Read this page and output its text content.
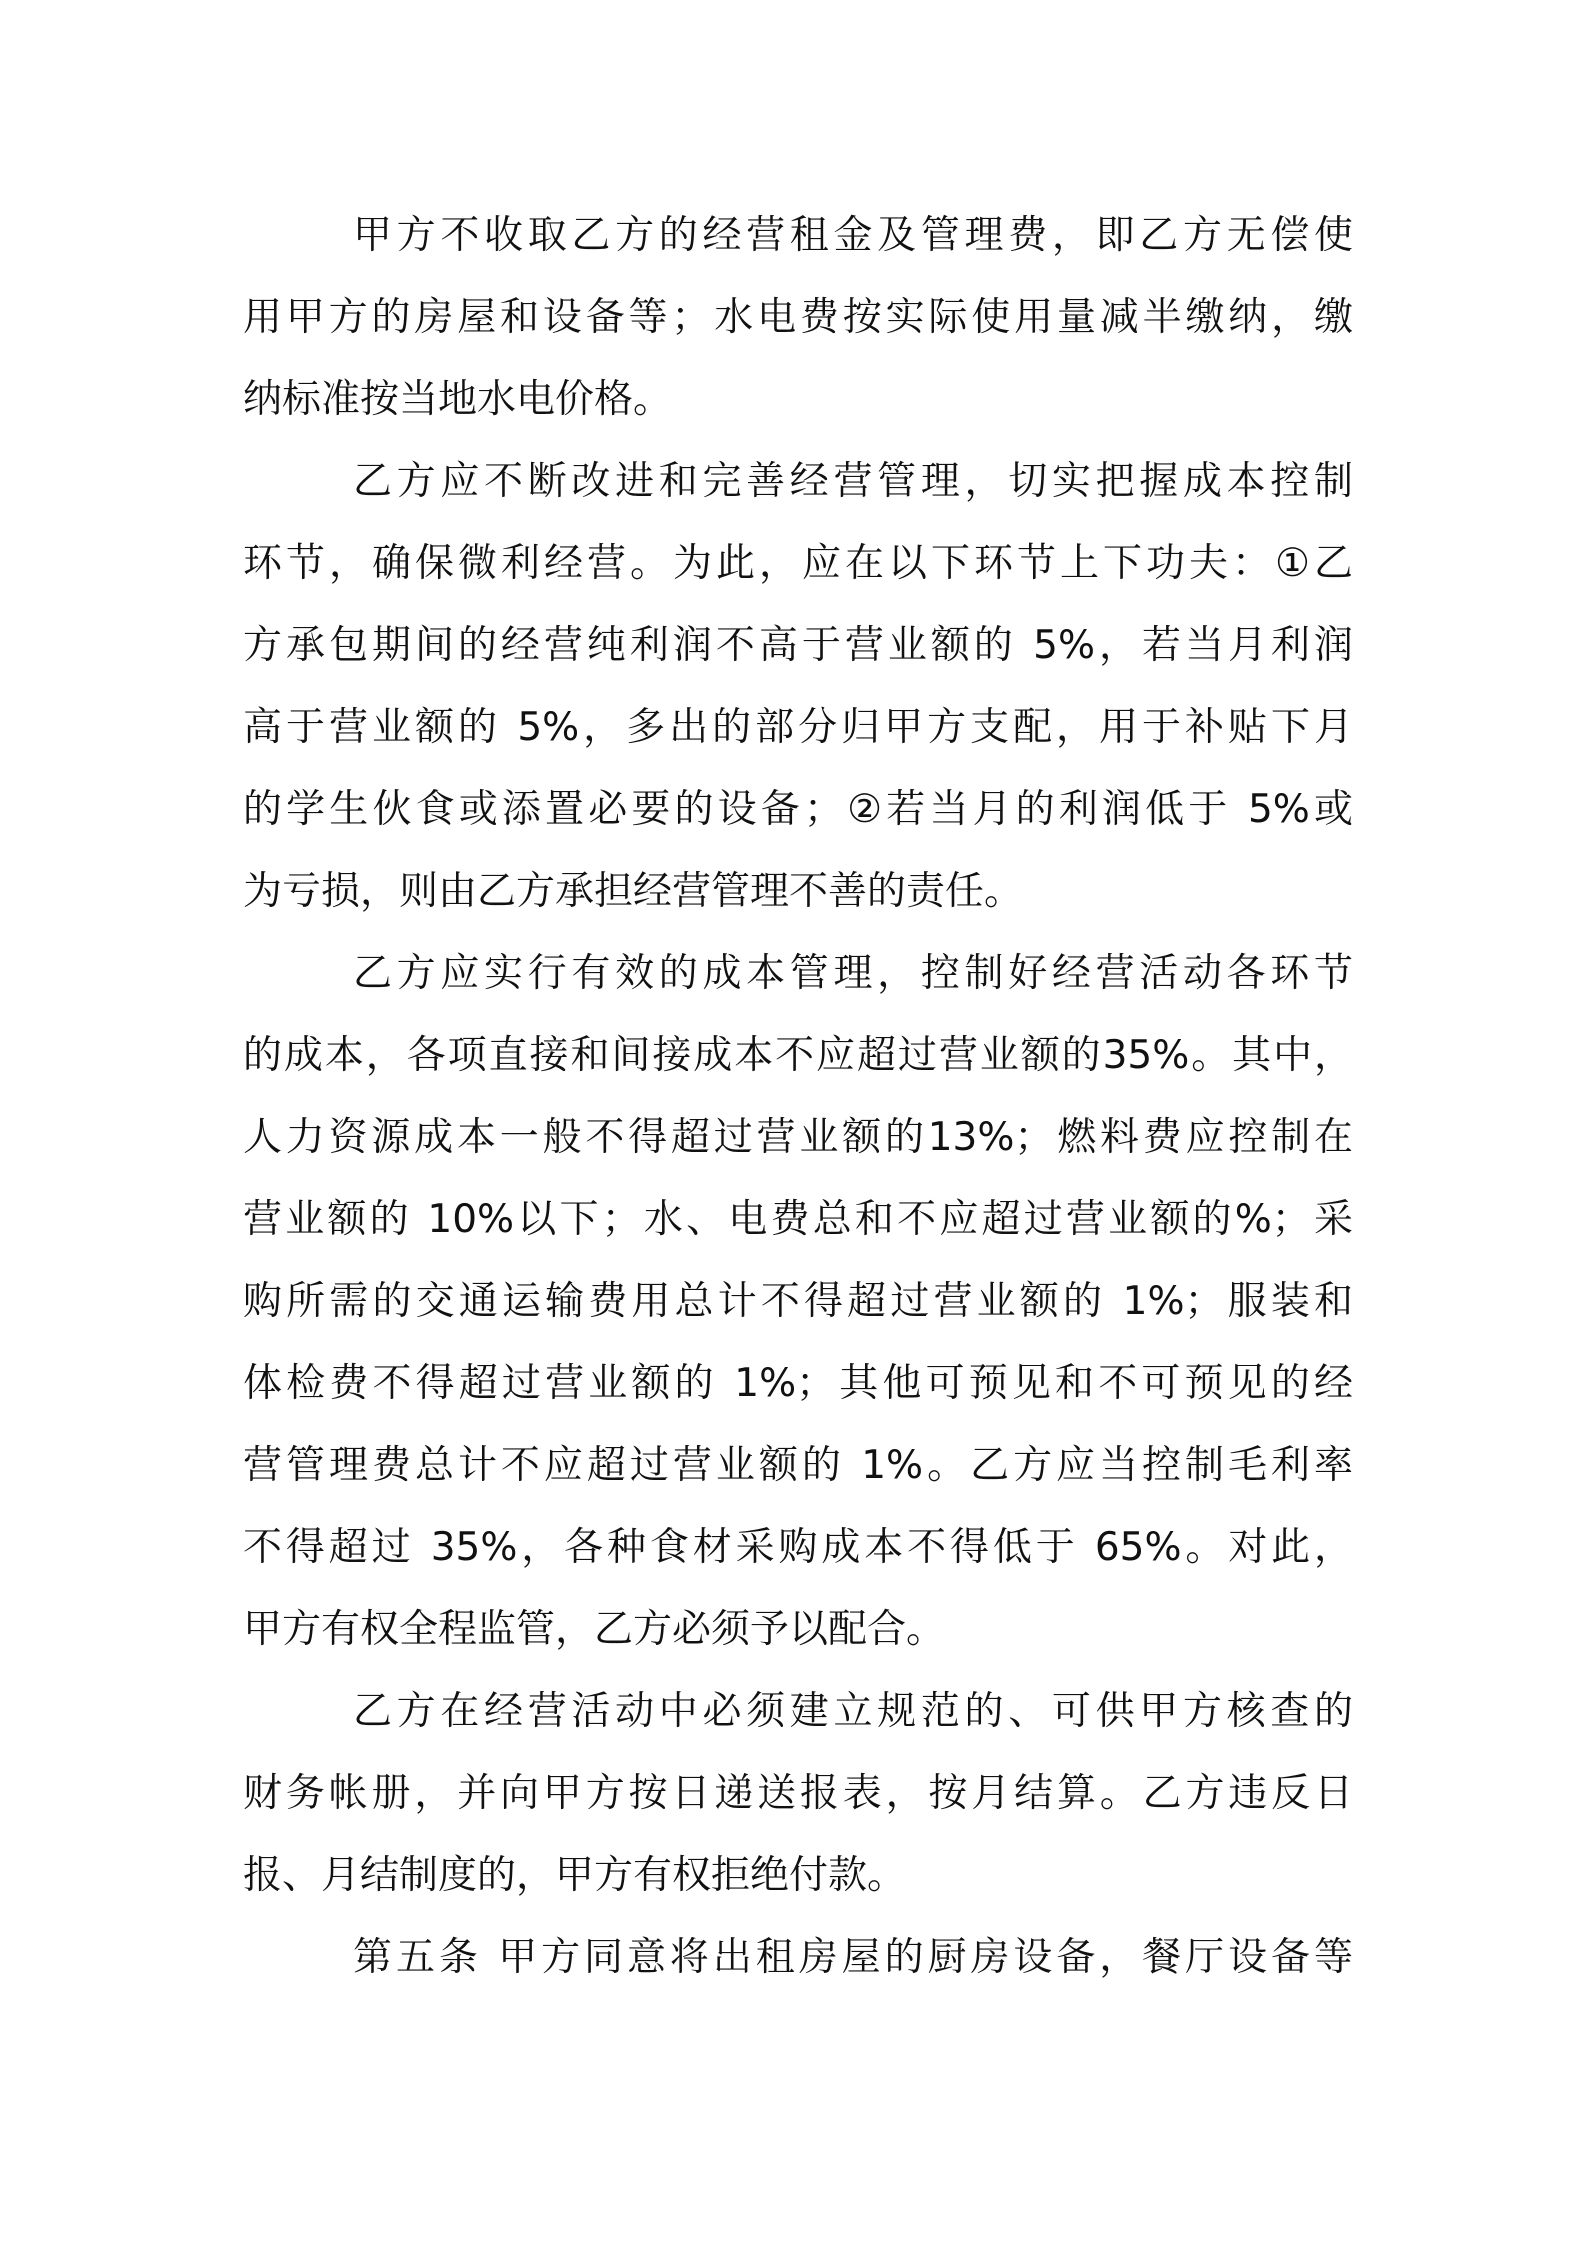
甲方不收取乙方的经营租金及管理费，即乙方无偿使
用甲方的房屋和设备等；水电费按实际使用量减半缴纳，缴
纳标准按当地水电价格。
乙方应不断改进和完善经营管理，切实把握成本控制
环节，确保微利经营。为此，应在以下环节上下功夫：①乙
方承包期间的经营纯利润不高于营业额的 5%，若当月利润
高于营业额的 5%，多出的部分归甲方支配，用于补贴下月
的学生伙食或添置必要的设备；②若当月的利润低于 5%或
为亏损，则由乙方承担经营管理不善的责任。
乙方应实行有效的成本管理，控制好经营活动各环节
的成本，各项直接和间接成本不应超过营业额的35%。其中，
人力资源成本一般不得超过营业额的13%；燃料费应控制在
营业额的 10%以下；水、电费总和不应超过营业额的%；采
购所需的交通运输费用总计不得超过营业额的 1%；服装和
体检费不得超过营业额的 1%；其他可预见和不可预见的经
营管理费总计不应超过营业额的 1%。乙方应当控制毛利率
不得超过 35%，各种食材采购成本不得低于 65%。对此，
甲方有权全程监管，乙方必须予以配合。
乙方在经营活动中必须建立规范的、可供甲方核查的
财务帐册，并向甲方按日递送报表，按月结算。乙方违反日
报、月结制度的，甲方有权拒绝付款。
第五条 甲方同意将出租房屋的厨房设备，餐厅设备等
